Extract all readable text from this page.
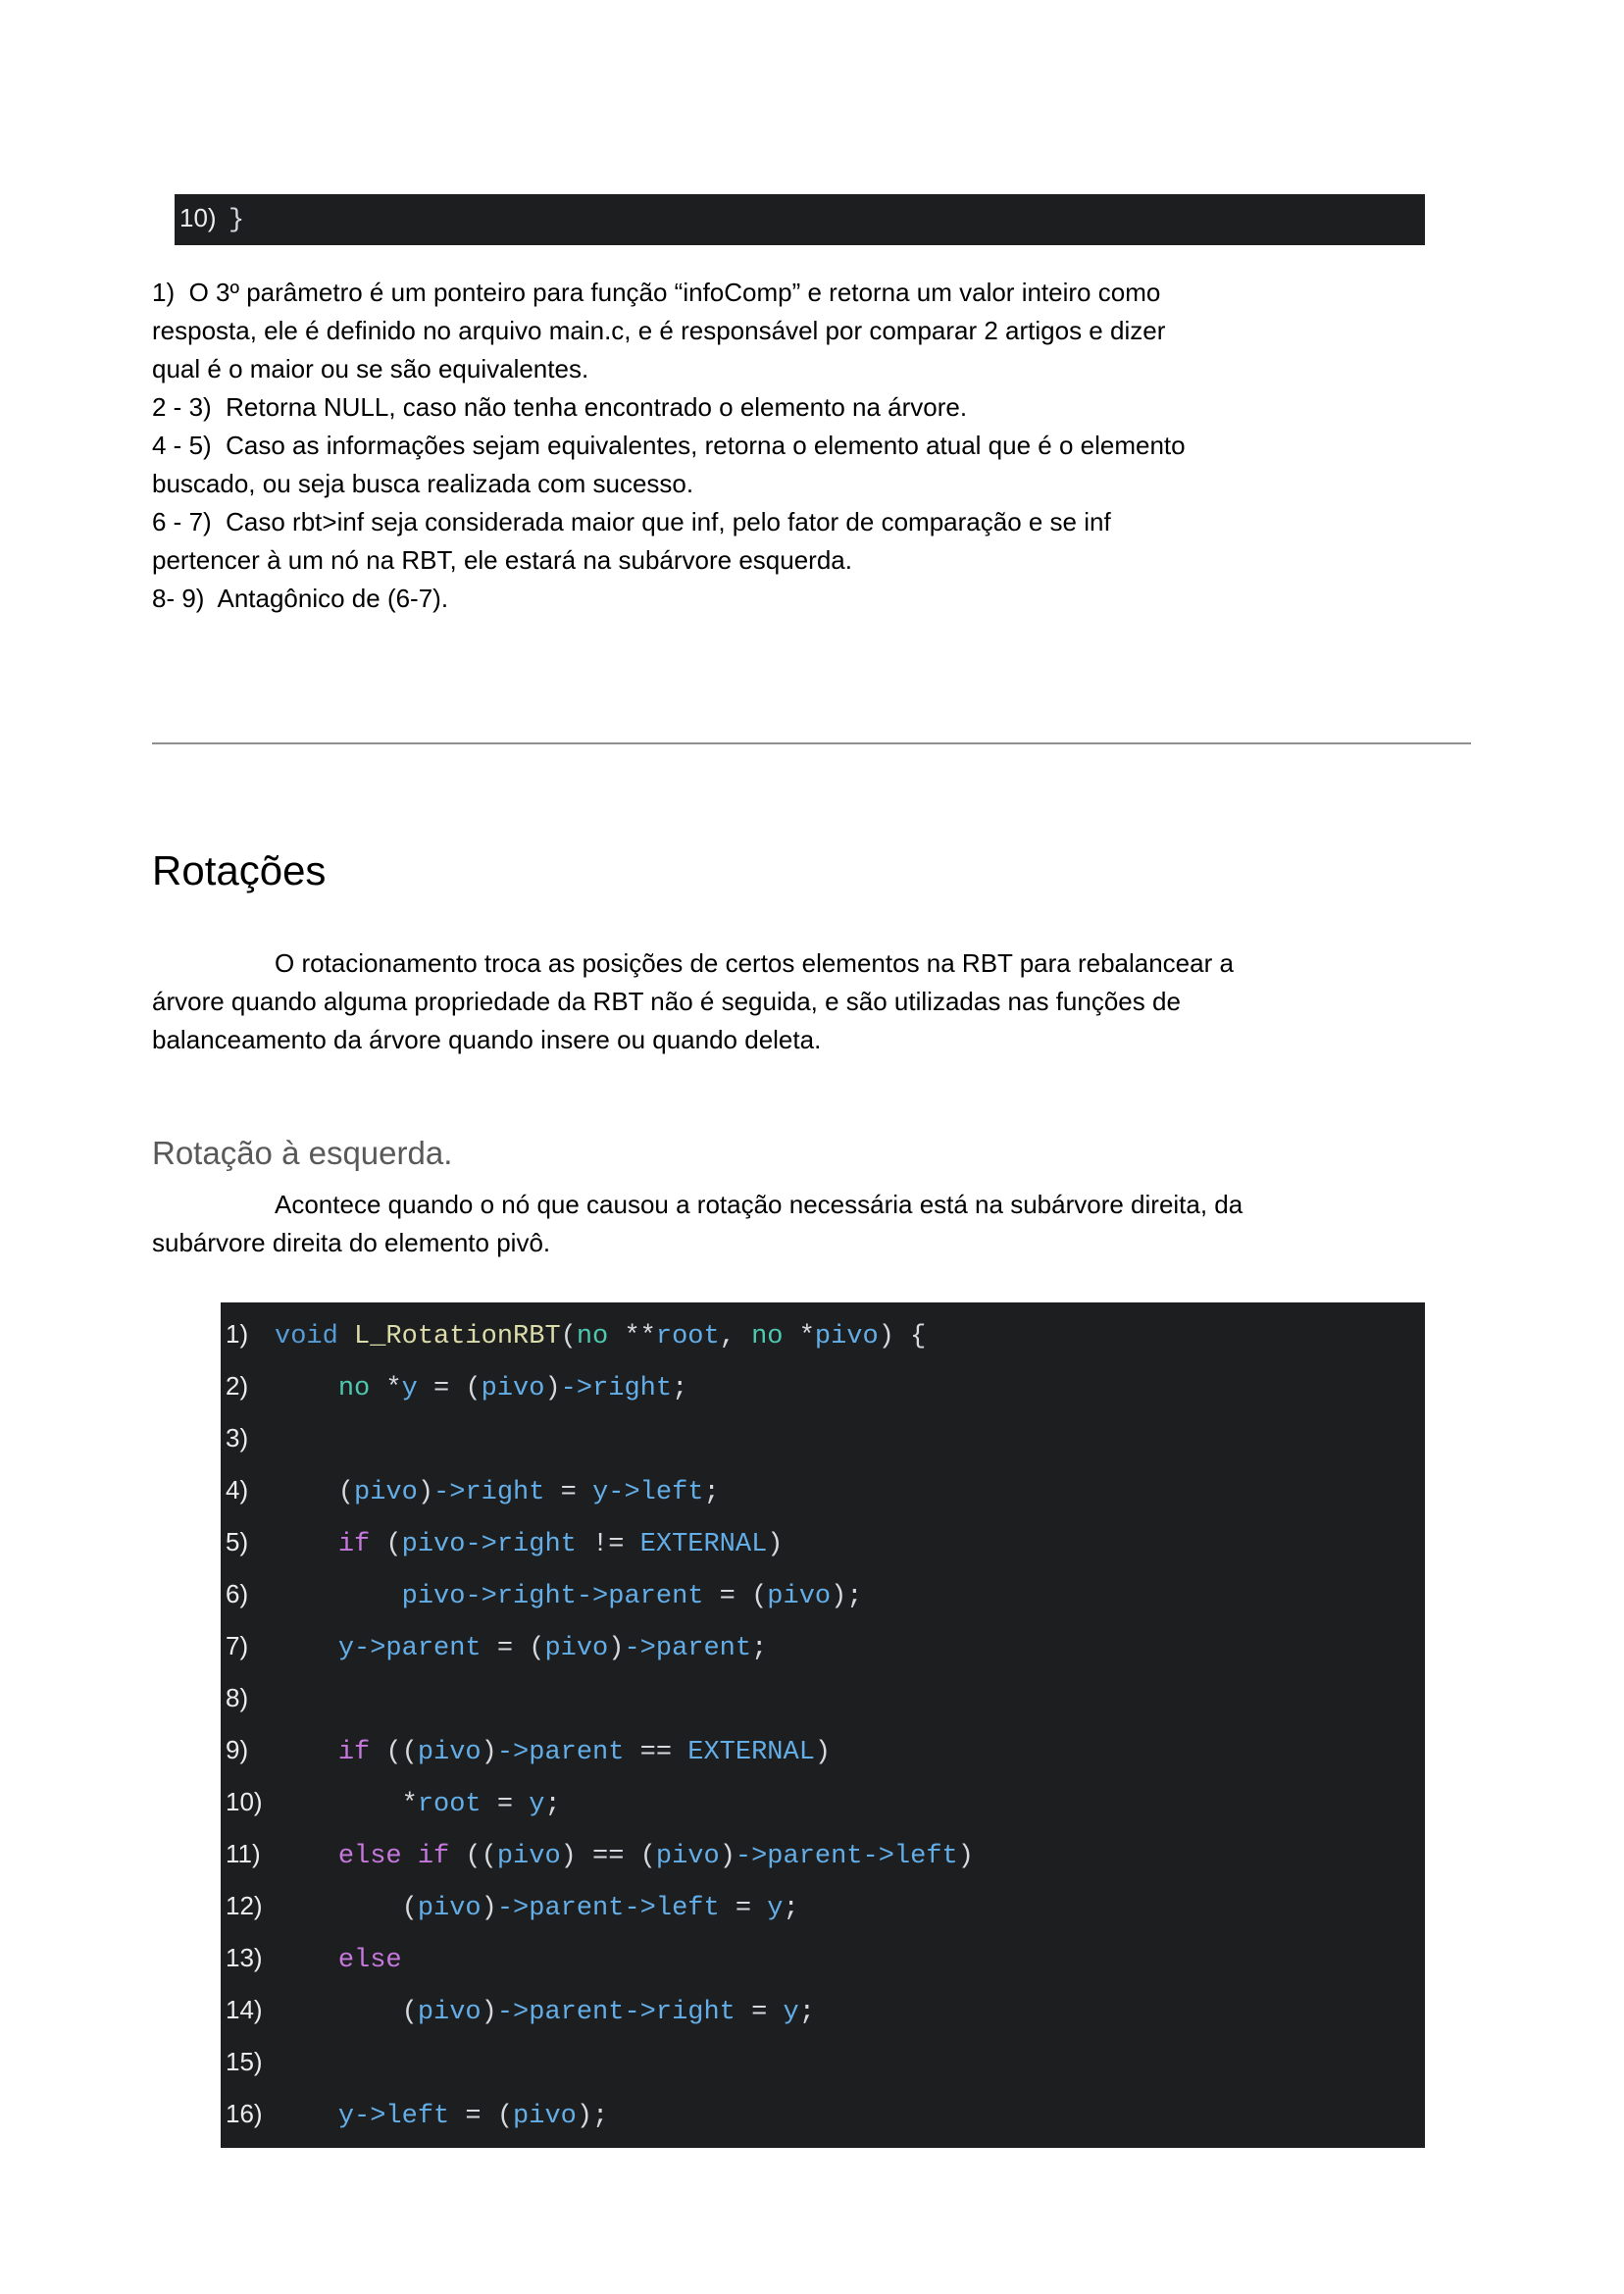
10) }
1)  O 3º parâmetro é um ponteiro para função “infoComp” e retorna um valor inteiro como
resposta, ele é definido no arquivo main.c, e é responsável por comparar 2 artigos e dizer
qual é o maior ou se são equivalentes.
2 - 3)  Retorna NULL, caso não tenha encontrado o elemento na árvore.
4 - 5)  Caso as informações sejam equivalentes, retorna o elemento atual que é o elemento
buscado, ou seja busca realizada com sucesso.
6 - 7)  Caso rbt>inf seja considerada maior que inf, pelo fator de comparação e se inf
pertencer à um nó na RBT, ele estará na subárvore esquerda.
8- 9)  Antagônico de (6-7).
Rotações
O rotacionamento troca as posições de certos elementos na RBT para rebalancear a
árvore quando alguma propriedade da RBT não é seguida, e são utilizadas nas funções de
balanceamento da árvore quando insere ou quando deleta.
Rotação à esquerda.
Acontece quando o nó que causou a rotação necessária está na subárvore direita, da
subárvore direita do elemento pivô.
1) void L_RotationRBT(no **root, no *pivo) {
2)	no *y = (pivo)->right;
3)

4) (pivo)->right = y->left;
5)	if (pivo->right != EXTERNAL)
6)	pivo->right->parent = (pivo);
7)	y->parent = (pivo)->parent;
8)

9)	if ((pivo)->parent == EXTERNAL)
10) *root = y;
11)	else if ((pivo) == (pivo)->parent->left)
12) (pivo)->parent->left = y;
13)	else
14) (pivo)->parent->right = y;
15)

16)	y->left = (pivo);
